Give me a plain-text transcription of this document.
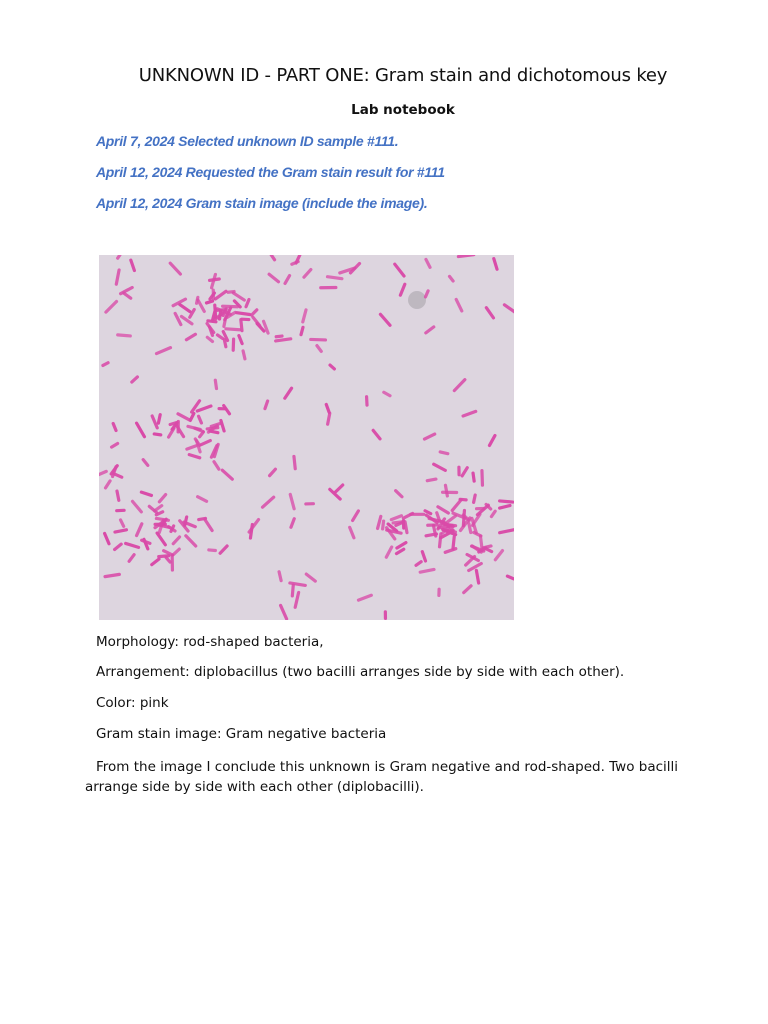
UNKNOWN ID - PART ONE: Gram stain and dichotomous key
Lab notebook
April 7, 2024 Selected unknown ID sample #111.
April 12, 2024 Requested the Gram stain result for #111
April 12, 2024 Gram stain image (include the image).
Morphology: rod-shaped bacteria,
Arrangement: diplobacillus (two bacilli arranges side by side with each other).
Color: pink
Gram stain image: Gram negative bacteria
From the image I conclude this unknown is Gram negative and rod-shaped. Two bacilli arrange side by side with each other (diplobacilli).
